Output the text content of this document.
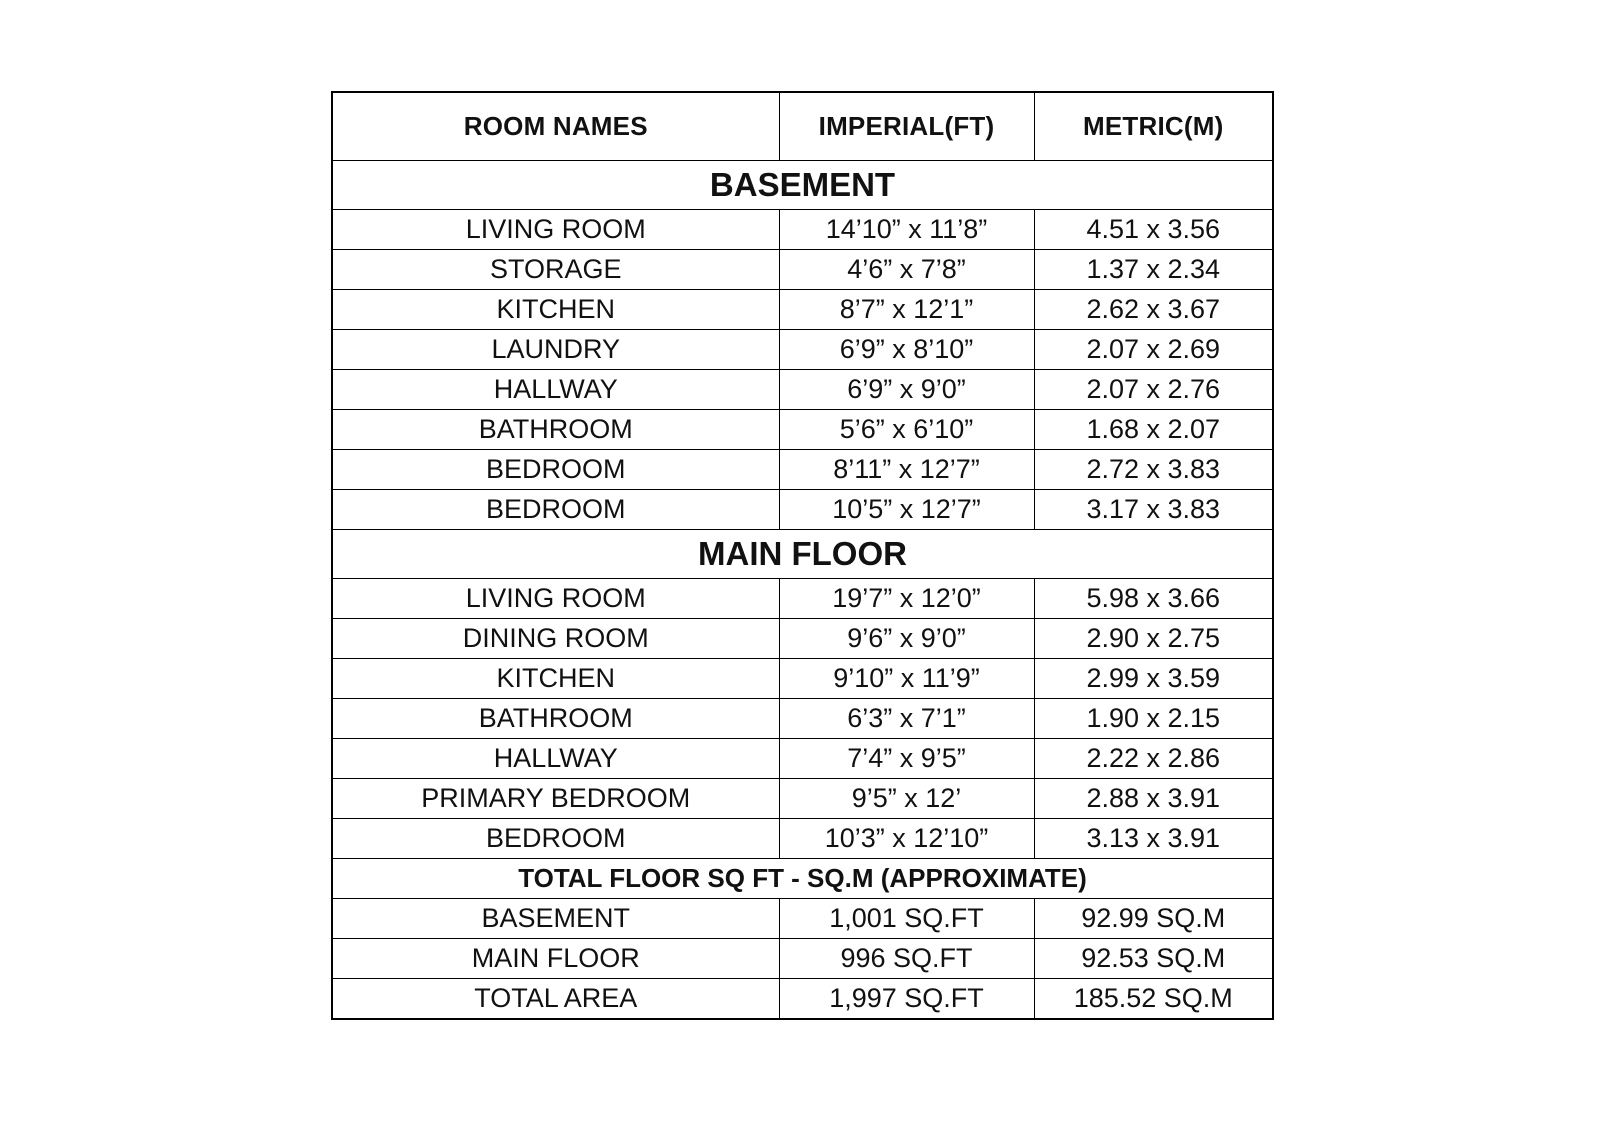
ROOM NAMES	IMPERIAL(FT)	METRIC(M)
BASEMENT		
LIVING ROOM	14’10” x 11’8”	4.51 x 3.56
STORAGE	4’6” x 7’8”	1.37 x 2.34
KITCHEN	8’7” x 12’1”	2.62 x 3.67
LAUNDRY	6’9” x 8’10”	2.07 x 2.69
HALLWAY	6’9” x 9’0”	2.07 x 2.76
BATHROOM	5’6” x 6’10”	1.68 x 2.07
BEDROOM	8’11” x 12’7”	2.72 x 3.83
BEDROOM	10’5” x 12’7”	3.17 x 3.83
MAIN FLOOR		
LIVING ROOM	19’7” x 12’0”	5.98 x 3.66
DINING ROOM	9’6” x 9’0”	2.90 x 2.75
KITCHEN	9’10” x 11’9”	2.99 x 3.59
BATHROOM	6’3” x 7’1”	1.90 x 2.15
HALLWAY	7’4” x 9’5”	2.22 x 2.86
PRIMARY BEDROOM	9’5” x 12’	2.88 x 3.91
BEDROOM	10’3” x 12’10”	3.13 x 3.91
TOTAL FLOOR SQ FT - SQ.M (APPROXIMATE)		
BASEMENT	1,001 SQ.FT	92.99 SQ.M
MAIN FLOOR	996 SQ.FT	92.53 SQ.M
TOTAL AREA	1,997 SQ.FT	185.52 SQ.M
